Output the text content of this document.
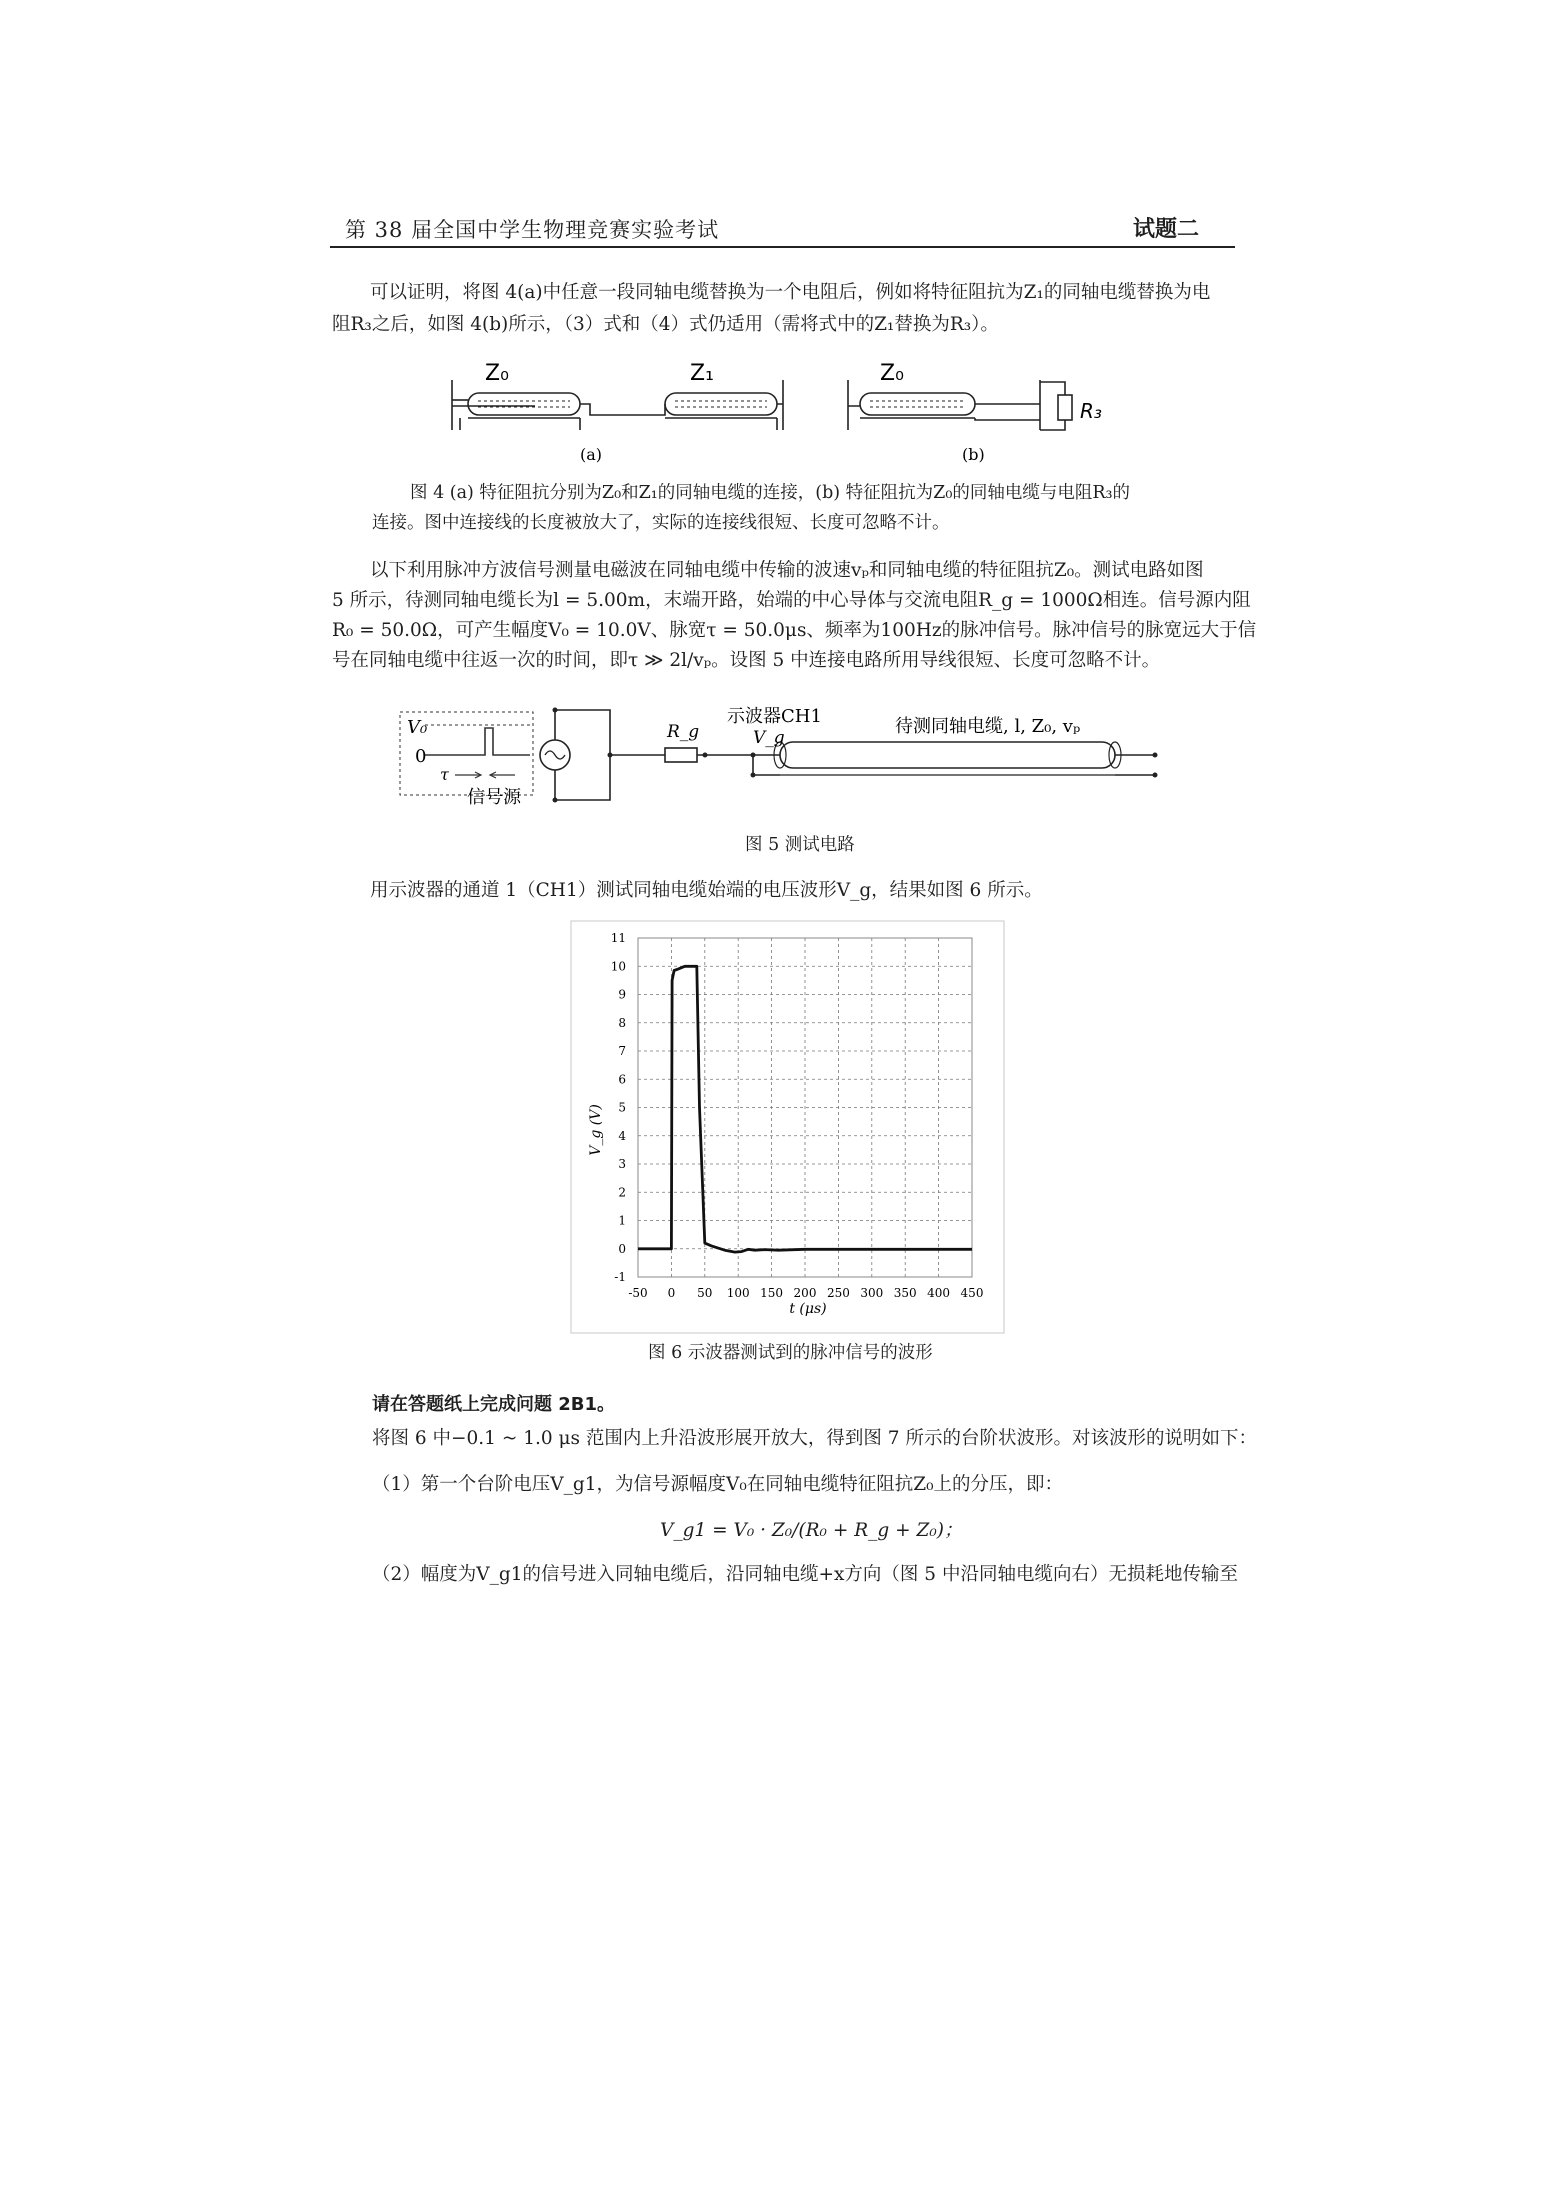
第 38 届全国中学生物理竞赛实验考试	试题二
可以证明，将图 4(a)中任意一段同轴电缆替换为一个电阻后，例如将特征阻抗为Z₁的同轴电缆替换为电
阻R₃之后，如图 4(b)所示，（3）式和（4）式仍适用（需将式中的Z₁替换为R₃）。
Z₀	Z₁
(a)
Z₀
R₃
(b)
图 4 (a) 特征阻抗分别为Z₀和Z₁的同轴电缆的连接，(b) 特征阻抗为Z₀的同轴电缆与电阻R₃的
连接。图中连接线的长度被放大了，实际的连接线很短、长度可忽略不计。
以下利用脉冲方波信号测量电磁波在同轴电缆中传输的波速vₚ和同轴电缆的特征阻抗Z₀。测试电路如图
5 所示，待测同轴电缆长为l = 5.00m，末端开路，始端的中心导体与交流电阻R_g = 1000Ω相连。信号源内阻
R₀ = 50.0Ω，可产生幅度V₀ = 10.0V、脉宽τ = 50.0μs、频率为100Hz的脉冲信号。脉冲信号的脉宽远大于信
号在同轴电缆中往返一次的时间，即τ ≫ 2l/vₚ。设图 5 中连接电路所用导线很短、长度可忽略不计。
V₀
0
τ
信号源
R_g
示波器CH1
V_g
待测同轴电缆, l, Z₀, vₚ
图 5 测试电路
用示波器的通道 1（CH1）测试同轴电缆始端的电压波形V_g，结果如图 6 所示。
-1
0
1
2
3
4
5
6
7
8
9
10
11
-50 0 50 100 150 200 250 300 350 400 450
V_g (V)
t (μs)
图 6 示波器测试到的脉冲信号的波形
请在答题纸上完成问题 2B1。
将图 6 中−0.1 ~ 1.0 μs 范围内上升沿波形展开放大，得到图 7 所示的台阶状波形。对该波形的说明如下：
（1）第一个台阶电压V_g1，为信号源幅度V₀在同轴电缆特征阻抗Z₀上的分压，即：
V_g1 = V₀ · Z₀/(R₀ + R_g + Z₀)；
（2）幅度为V_g1的信号进入同轴电缆后，沿同轴电缆+x方向（图 5 中沿同轴电缆向右）无损耗地传输至
